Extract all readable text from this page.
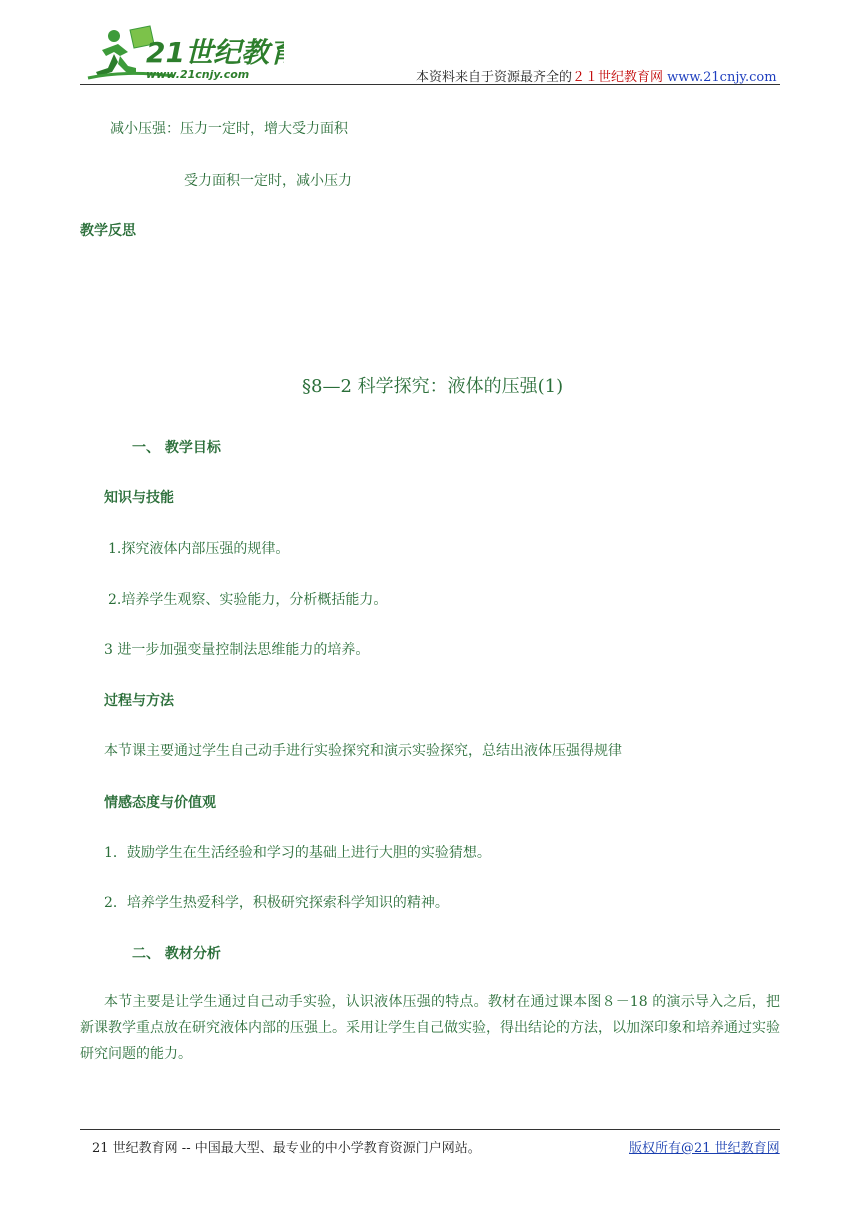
21世纪教育
www.21cnjy.com	本资料来自于资源最齐全的２１世纪教育网 www.21cnjy.com
减小压强：压力一定时，增大受力面积
受力面积一定时，减小压力
教学反思
§8—2 科学探究：液体的压强(1)
一、 教学目标
知识与技能
1.探究液体内部压强的规律。
2.培养学生观察、实验能力，分析概括能力。
3 进一步加强变量控制法思维能力的培养。
过程与方法
本节课主要通过学生自己动手进行实验探究和演示实验探究，总结出液体压强得规律
情感态度与价值观
1．鼓励学生在生活经验和学习的基础上进行大胆的实验猜想。
2．培养学生热爱科学，积极研究探索科学知识的精神。
二、 教材分析
本节主要是让学生通过自己动手实验，认识液体压强的特点。教材在通过课本图８－18 的演示导入之后，把新课教学重点放在研究液体内部的压强上。采用让学生自己做实验，得出结论的方法，以加深印象和培养通过实验研究问题的能力。
21 世纪教育网 -- 中国最大型、最专业的中小学教育资源门户网站。	版权所有@21 世纪教育网
